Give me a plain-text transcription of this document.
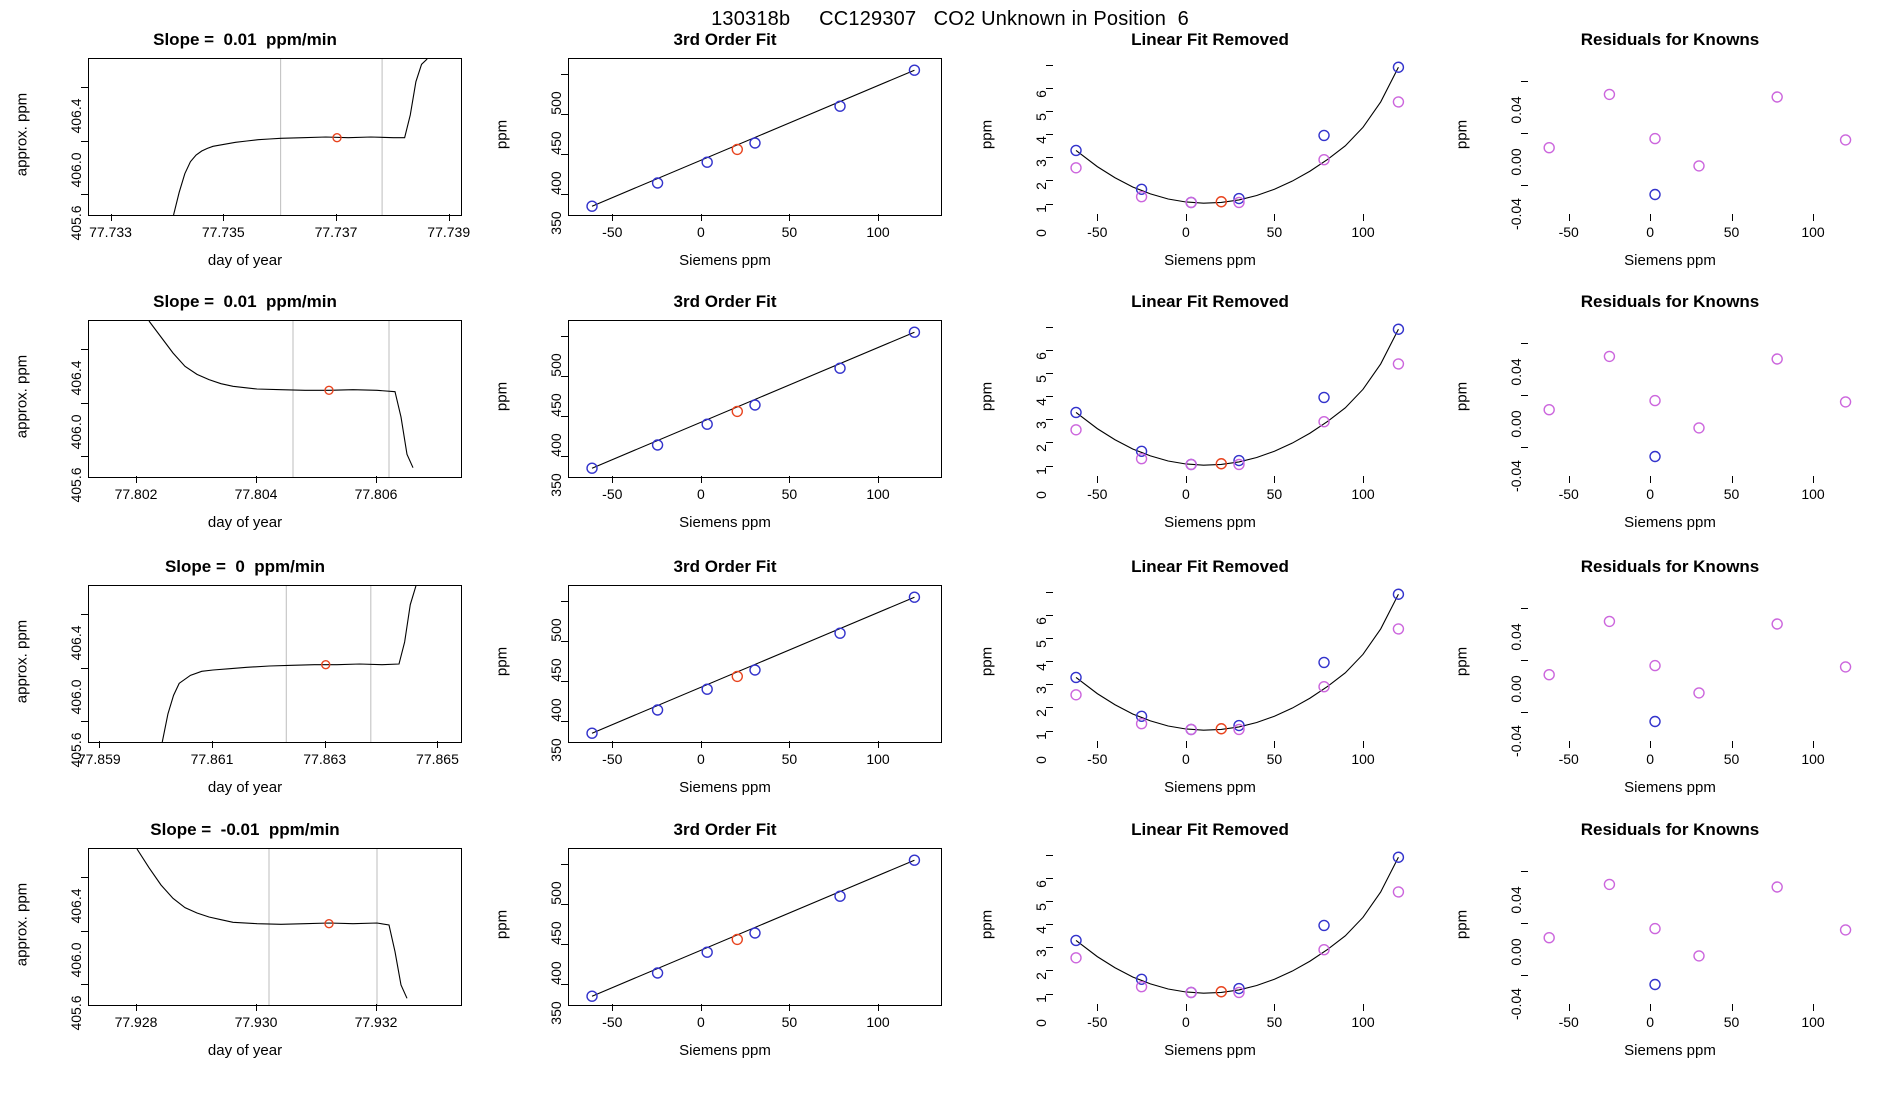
130318b     CC129307   CO2 Unknown in Position  6
Slope =  0.01  ppm/min
77.733	77.735	77.737	77.739
405.6
406.0
406.4
day of year
approx. ppm
Slope =  0.01  ppm/min
77.802	77.804	77.806
405.6
406.0
406.4
day of year
approx. ppm
Slope =  0  ppm/min
77.859	77.861	77.863	77.865
405.6
406.0
406.4
day of year
approx. ppm
Slope =  -0.01  ppm/min
77.928	77.930	77.932
405.6
406.0
406.4
day of year
approx. ppm
3rd Order Fit
-50	0	50	100
350
400
450
500
Siemens ppm
ppm
Linear Fit Removed
-50	0	50	100
0
1
2
3
4
5
6
Siemens ppm
ppm
Residuals for Knowns
-50	0	50	100
-0.04
0.00
0.04
Siemens ppm
ppm
3rd Order Fit
-50	0	50	100
350
400
450
500
Siemens ppm
ppm
Linear Fit Removed
-50	0	50	100
0
1
2
3
4
5
6
Siemens ppm
ppm
Residuals for Knowns
-50	0	50	100
-0.04
0.00
0.04
Siemens ppm
ppm
3rd Order Fit
-50	0	50	100
350
400
450
500
Siemens ppm
ppm
Linear Fit Removed
-50	0	50	100
0
1
2
3
4
5
6
Siemens ppm
ppm
Residuals for Knowns
-50	0	50	100
-0.04
0.00
0.04
Siemens ppm
ppm
3rd Order Fit
-50	0	50	100
350
400
450
500
Siemens ppm
ppm
Linear Fit Removed
-50	0	50	100
0
1
2
3
4
5
6
Siemens ppm
ppm
Residuals for Knowns
-50	0	50	100
-0.04
0.00
0.04
Siemens ppm
ppm
